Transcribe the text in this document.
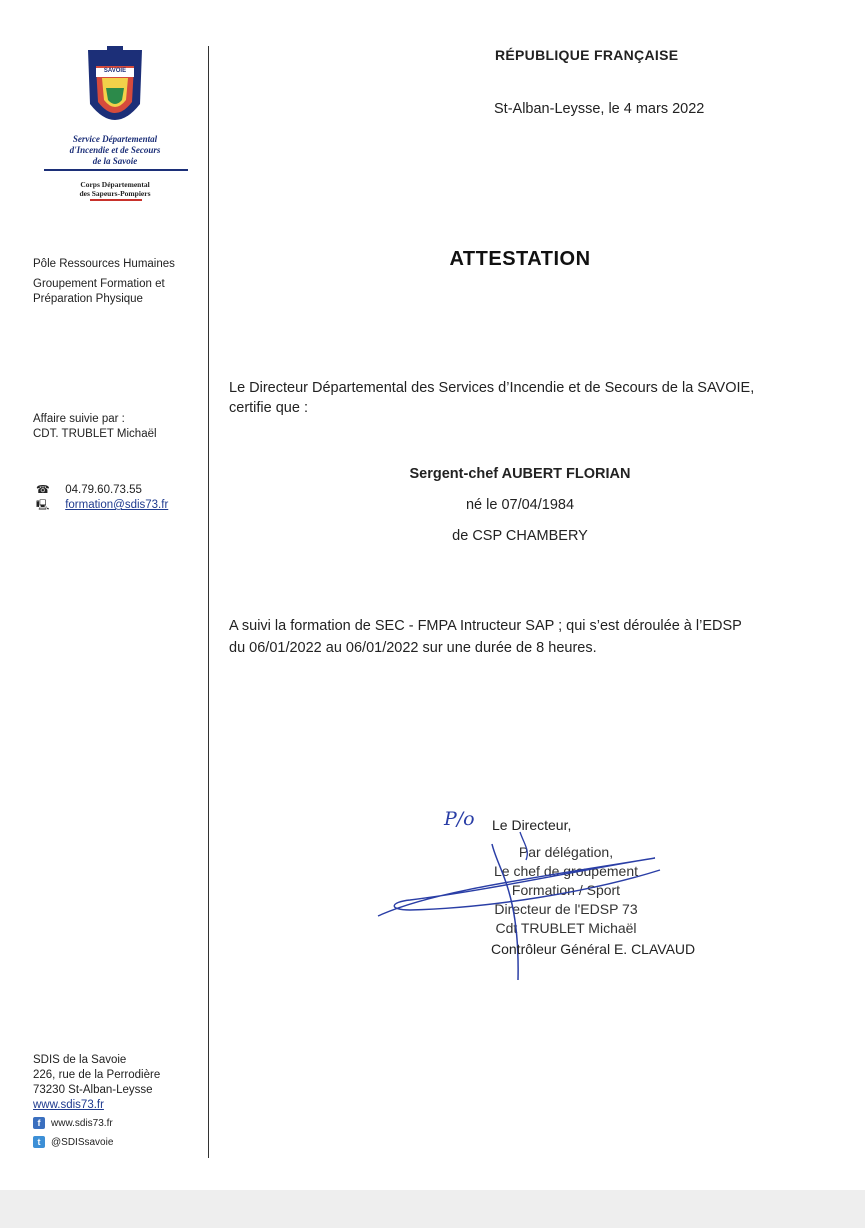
SAVOIE
Service Départemental
d'Incendie et de Secours
de la Savoie
Corps Départemental
des Sapeurs-Pompiers
Pôle Ressources Humaines
Groupement Formation et
Préparation Physique
Affaire suivie par :
CDT. TRUBLET Michaël
☎ 04.79.60.73.55
🖳 formation@sdis73.fr
SDIS de la Savoie
226, rue de la Perrodière
73230 St-Alban-Leysse
www.sdis73.fr
f www.sdis73.fr
t @SDISsavoie
RÉPUBLIQUE FRANÇAISE
St-Alban-Leysse, le 4 mars 2022
ATTESTATION
Le Directeur Départemental des Services d’Incendie et de Secours de la SAVOIE,
certifie que :
Sergent-chef AUBERT FLORIAN
né le 07/04/1984
de CSP CHAMBERY
A suivi la formation de SEC - FMPA Intructeur SAP ; qui s’est déroulée à l’EDSP
du 06/01/2022 au 06/01/2022 sur une durée de 8 heures.
P/o Le Directeur,
Par délégation,
Le chef de groupement
Formation / Sport
Directeur de l'EDSP 73
Cdt TRUBLET Michaël
Contrôleur Général E. CLAVAUD
